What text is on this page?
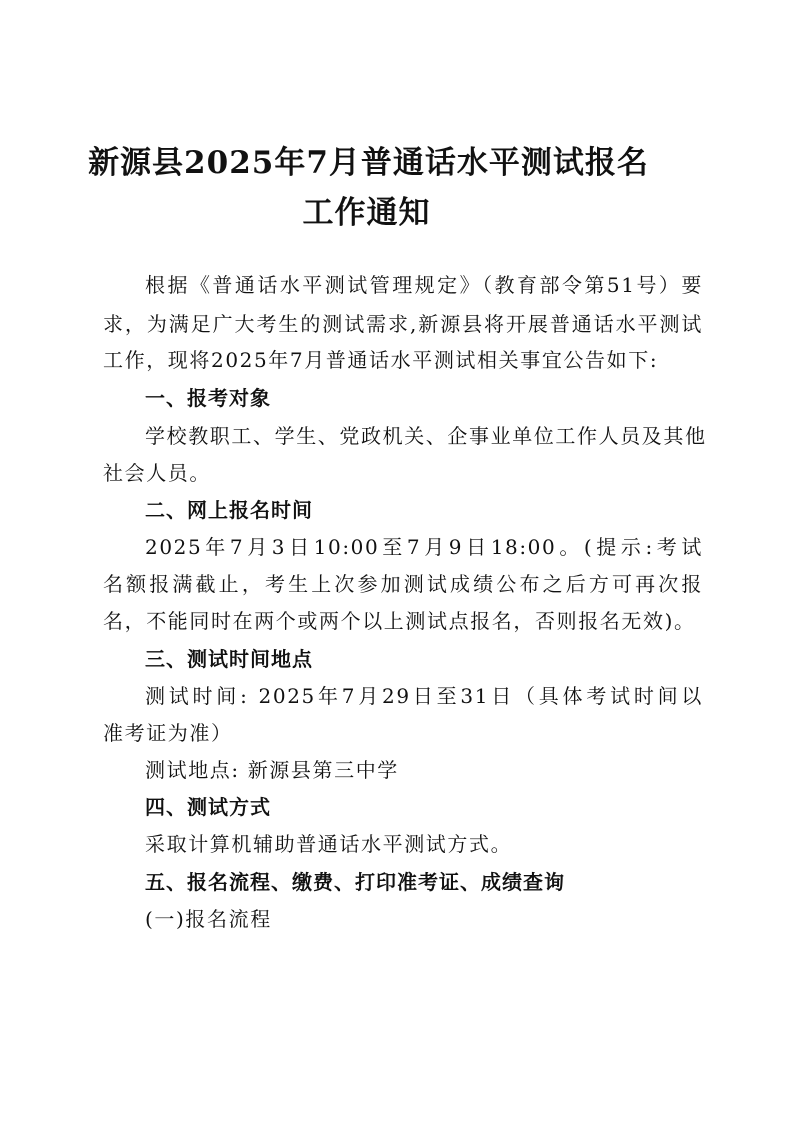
新源县2025年7月普通话水平测试报名
工作通知
根据《普通话水平测试管理规定》（教育部令第51号）要
求，为满足广大考生的测试需求,新源县将开展普通话水平测试
工作，现将2025年7月普通话水平测试相关事宜公告如下:
一、报考对象
学校教职工、学生、党政机关、企事业单位工作人员及其他
社会人员。
二、网上报名时间
2025年7月3日10:00至7月9日18:00。(提示:考试
名额报满截止，考生上次参加测试成绩公布之后方可再次报
名，不能同时在两个或两个以上测试点报名，否则报名无效)。
三、测试时间地点
测试时间: 2025年7月29日至31日（具体考试时间以
准考证为准）
测试地点: 新源县第三中学
四、测试方式
采取计算机辅助普通话水平测试方式。
五、报名流程、缴费、打印准考证、成绩查询
(一)报名流程
